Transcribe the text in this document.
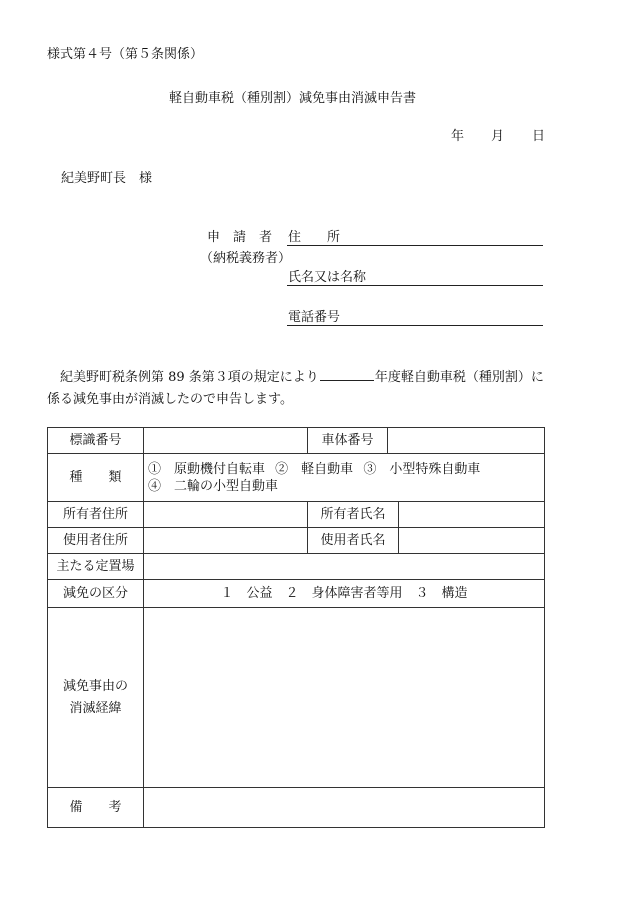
様式第４号（第５条関係）
軽自動車税（種別割）減免事由消滅申告書
年 月 日
紀美野町長　様
申　請　者
（納税義務者）
住　　所
氏名又は名称
電話番号
紀美野町税条例第 89 条第３項の規定により	年度軽自動車税（種別割）に
係る減免事由が消滅したので申告します。
標識番号		車体番号		
種　　類	①　原動機付自転車 ②　軽自動車 ③　小型特殊自動車
④　二輪の小型自動車			

所有者住所		所有者氏名		
使用者住所		使用者氏名		
主たる定置場				
減免の区分	１　公益　２　身体障害者等用　３　構造			

減免事由の
消滅経緯				

備　　考				
